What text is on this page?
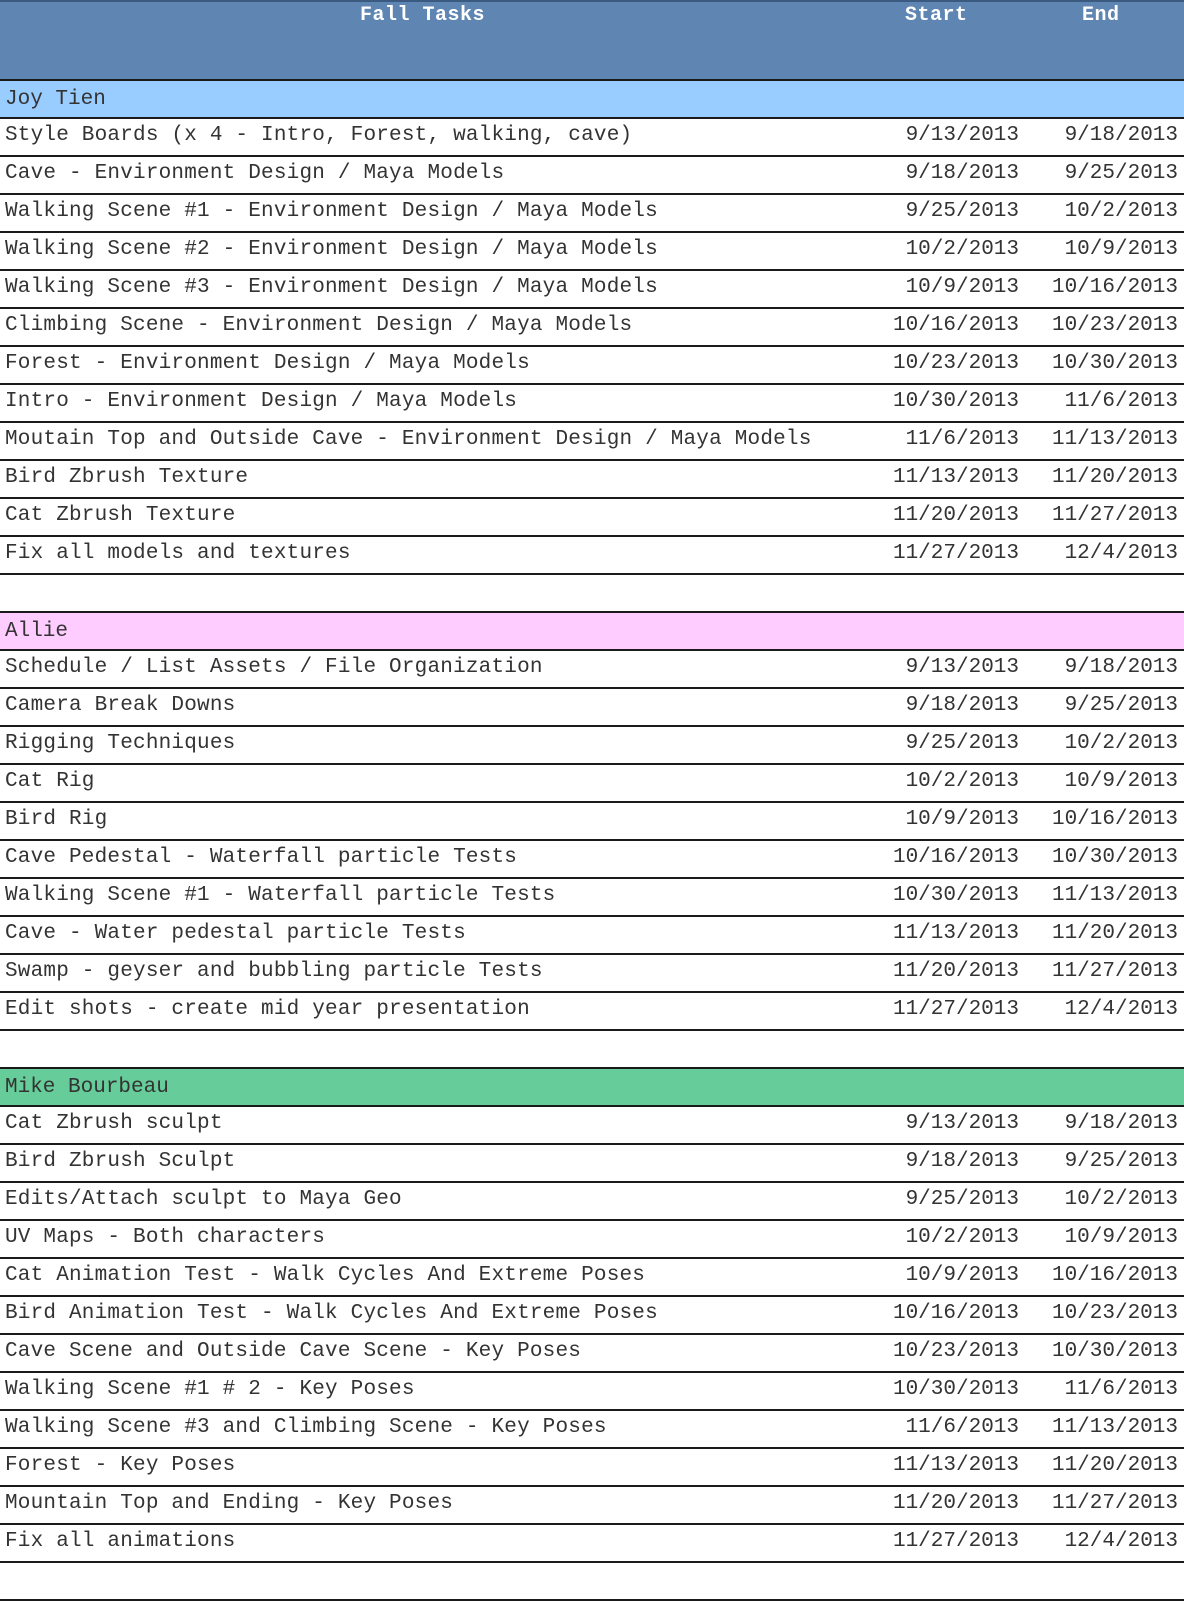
Fall Tasks	Start	End
Joy Tien
Style Boards (x 4 - Intro, Forest, walking, cave)	9/13/2013 9/18/2013
Cave - Environment Design / Maya Models	9/18/2013 9/25/2013
Walking Scene #1 - Environment Design / Maya Models	9/25/2013 10/2/2013
Walking Scene #2 - Environment Design / Maya Models	10/2/2013 10/9/2013
Walking Scene #3 - Environment Design / Maya Models	10/9/2013 10/16/2013
Climbing Scene - Environment Design / Maya Models	10/16/2013 10/23/2013
Forest - Environment Design / Maya Models	10/23/2013 10/30/2013
Intro - Environment Design / Maya Models	10/30/2013 11/6/2013
Moutain Top and Outside Cave - Environment Design / Maya Models	11/6/2013 11/13/2013
Bird Zbrush Texture	11/13/2013 11/20/2013
Cat Zbrush Texture	11/20/2013 11/27/2013
Fix all models and textures	11/27/2013 12/4/2013
Allie
Schedule / List Assets / File Organization	9/13/2013 9/18/2013
Camera Break Downs	9/18/2013 9/25/2013
Rigging Techniques	9/25/2013 10/2/2013
Cat Rig	10/2/2013 10/9/2013
Bird Rig	10/9/2013 10/16/2013
Cave Pedestal - Waterfall particle Tests	10/16/2013 10/30/2013
Walking Scene #1 - Waterfall particle Tests	10/30/2013 11/13/2013
Cave - Water pedestal particle Tests	11/13/2013 11/20/2013
Swamp - geyser and bubbling particle Tests	11/20/2013 11/27/2013
Edit shots - create mid year presentation	11/27/2013 12/4/2013
Mike Bourbeau
Cat Zbrush sculpt	9/13/2013 9/18/2013
Bird Zbrush Sculpt	9/18/2013 9/25/2013
Edits/Attach sculpt to Maya Geo	9/25/2013 10/2/2013
UV Maps - Both characters	10/2/2013 10/9/2013
Cat Animation Test - Walk Cycles And Extreme Poses	10/9/2013 10/16/2013
Bird Animation Test - Walk Cycles And Extreme Poses	10/16/2013 10/23/2013
Cave Scene and Outside Cave Scene - Key Poses	10/23/2013 10/30/2013
Walking Scene #1 # 2 - Key Poses	10/30/2013 11/6/2013
Walking Scene #3 and Climbing Scene - Key Poses	11/6/2013 11/13/2013
Forest - Key Poses	11/13/2013 11/20/2013
Mountain Top and Ending - Key Poses	11/20/2013 11/27/2013
Fix all animations	11/27/2013 12/4/2013
